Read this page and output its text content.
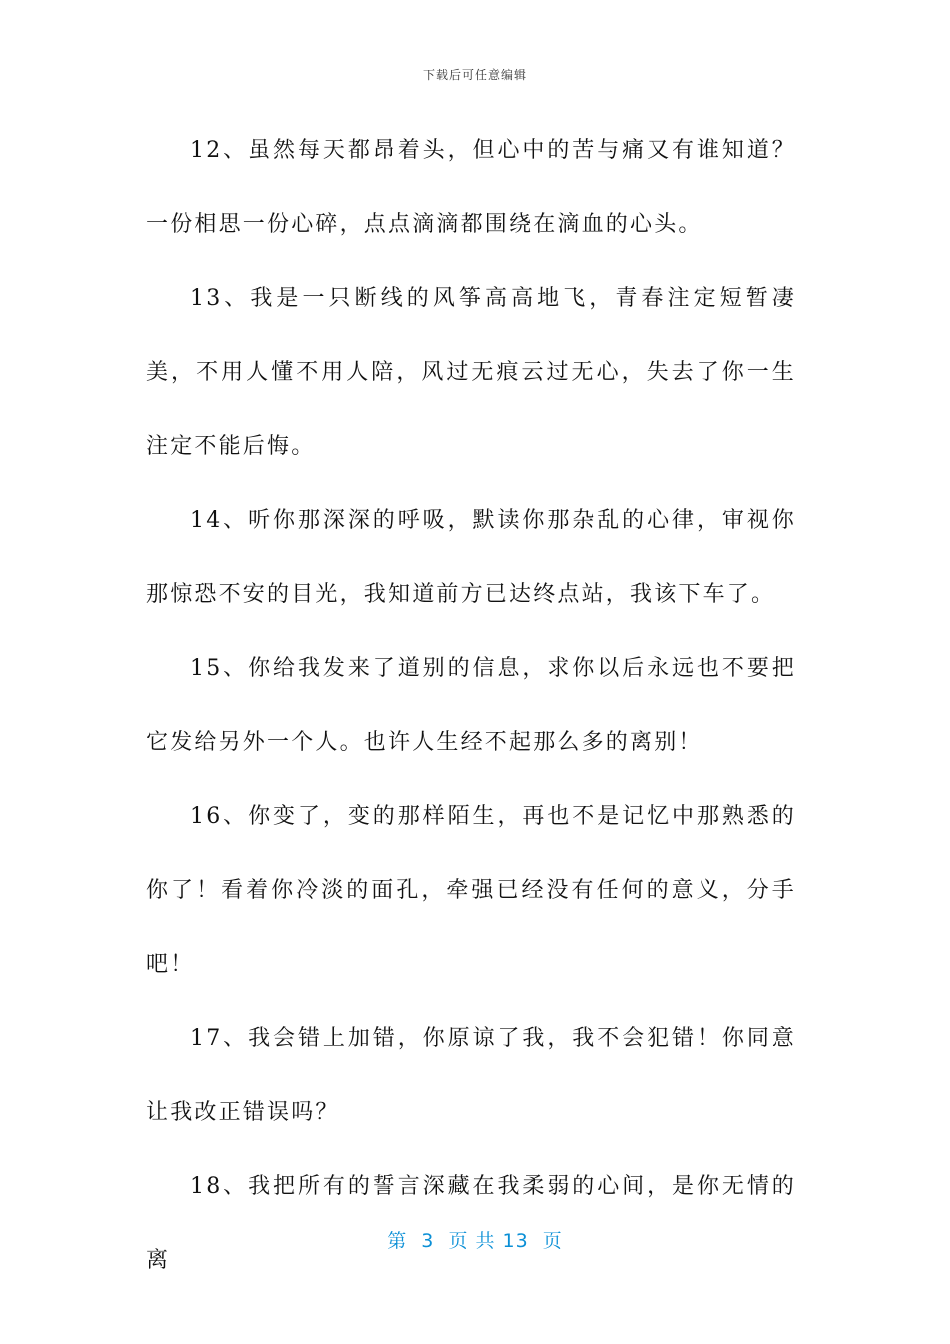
下载后可任意编辑

12、虽然每天都昂着头，但心中的苦与痛又有谁知道？一份相思一份心碎，点点滴滴都围绕在滴血的心头。

13、我是一只断线的风筝高高地飞，青春注定短暂凄美，不用人懂不用人陪，风过无痕云过无心，失去了你一生注定不能后悔。

14、听你那深深的呼吸，默读你那杂乱的心律，审视你那惊恐不安的目光，我知道前方已达终点站，我该下车了。

15、你给我发来了道别的信息，求你以后永远也不要把它发给另外一个人。也许人生经不起那么多的离别！

16、你变了，变的那样陌生，再也不是记忆中那熟悉的你了！看着你冷淡的面孔，牵强已经没有任何的意义，分手吧！

17、我会错上加错，你原谅了我，我不会犯错！你同意让我改正错误吗？

18、我把所有的誓言深藏在我柔弱的心间，是你无情的离

第  3  页 共 13  页
